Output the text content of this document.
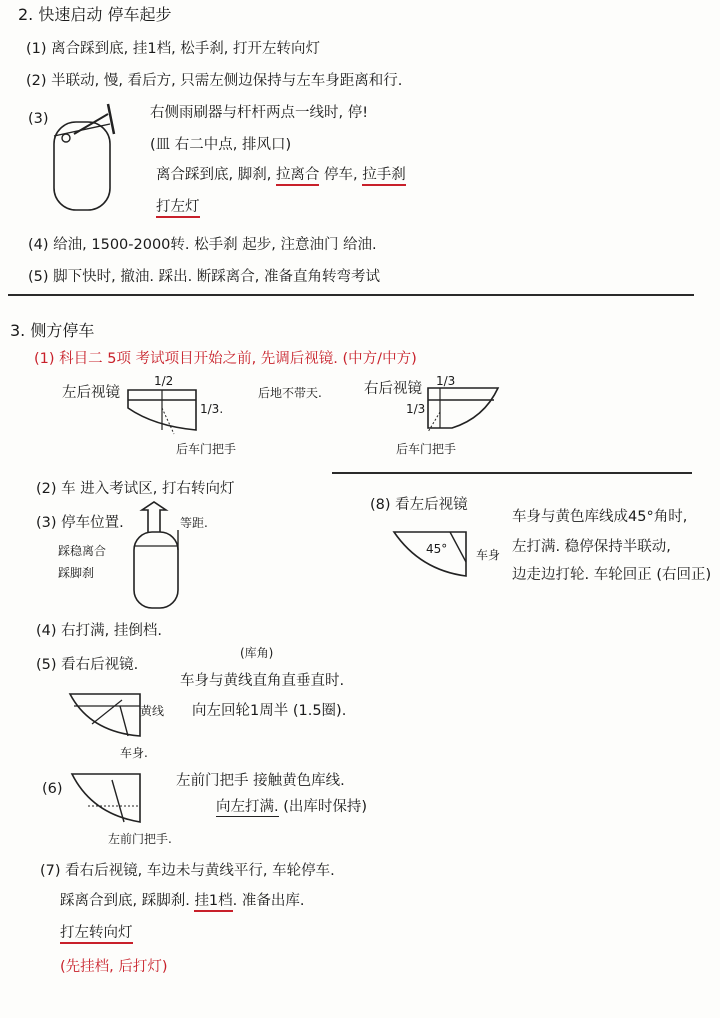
2. 快速启动 停车起步
(1) 离合踩到底, 挂1档, 松手刹, 打开左转向灯
(2) 半联动, 慢, 看后方, 只需左侧边保持与左车身距离和行.
(3)	右侧雨刷器与杆杆两点一线时, 停!
(皿 右二中点, 排风口)
离合踩到底, 脚刹, 拉离合 停车, 拉手刹
打左灯
(4) 给油, 1500-2000转. 松手刹 起步, 注意油门 给油.
(5) 脚下快时, 撤油. 踩出. 断踩离合, 准备直角转弯考试
3. 侧方停车
(1) 科目二 5项 考试项目开始之前, 先调后视镜. (中方/中方)
左后视镜
1/2
1/3.
后车门把手
后地不带天.	右后视镜 1/3
1/3
后车门把手
(2) 车 进入考试区, 打右转向灯
(3) 停车位置.	等距.
踩稳离合
踩脚刹
(8) 看左后视镜
45° 车身
车身与黄色库线成45°角时,
左打满. 稳停保持半联动,
边走边打轮. 车轮回正 (右回正)
(4) 右打满, 挂倒档.
(5) 看右后视镜.
(库角)
车身与黄线直角直垂直时.
黄线 向左回轮1周半 (1.5圈).
车身.
(6)	左前门把手 接触黄色库线.
向左打满. (出库时保持)
左前门把手.
(7) 看右后视镜, 车边未与黄线平行, 车轮停车.
踩离合到底, 踩脚刹. 挂1档. 准备出库.
打左转向灯
(先挂档, 后打灯)
